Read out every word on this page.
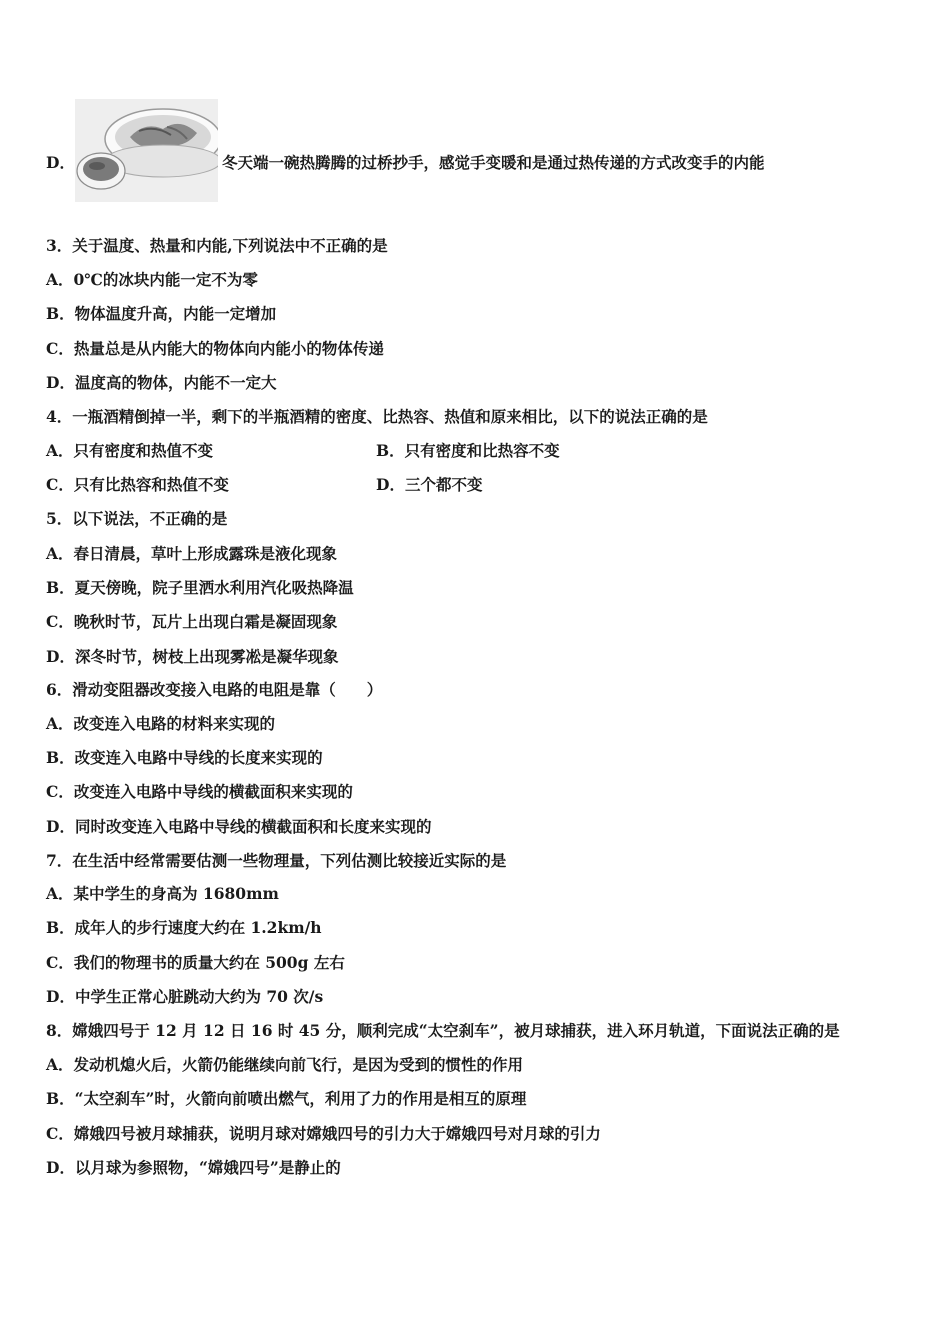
D．	冬天端一碗热腾腾的过桥抄手，感觉手变暖和是通过热传递的方式改变手的内能
3．关于温度、热量和内能,下列说法中不正确的是
A．0℃的冰块内能一定不为零
B．物体温度升高，内能一定增加
C．热量总是从内能大的物体向内能小的物体传递
D．温度高的物体，内能不一定大
4．一瓶酒精倒掉一半，剩下的半瓶酒精的密度、比热容、热值和原来相比，以下的说法正确的是
A．只有密度和热值不变	B．只有密度和比热容不变
C．只有比热容和热值不变	D．三个都不变
5．以下说法，不正确的是
A．春日清晨，草叶上形成露珠是液化现象
B．夏天傍晚，院子里洒水利用汽化吸热降温
C．晚秋时节，瓦片上出现白霜是凝固现象
D．深冬时节，树枝上出现雾凇是凝华现象
6．滑动变阻器改变接入电路的电阻是靠（　　）
A．改变连入电路的材料来实现的
B．改变连入电路中导线的长度来实现的
C．改变连入电路中导线的横截面积来实现的
D．同时改变连入电路中导线的横截面积和长度来实现的
7．在生活中经常需要估测一些物理量，下列估测比较接近实际的是
A．某中学生的身高为 1680mm
B．成年人的步行速度大约在 1.2km/h
C．我们的物理书的质量大约在 500g 左右
D．中学生正常心脏跳动大约为 70 次/s
8．嫦娥四号于 12 月 12 日 16 时 45 分，顺利完成“太空刹车”，被月球捕获，进入环月轨道，下面说法正确的是
A．发动机熄火后，火箭仍能继续向前飞行，是因为受到的惯性的作用
B．“太空刹车”时，火箭向前喷出燃气，利用了力的作用是相互的原理
C．嫦娥四号被月球捕获，说明月球对嫦娥四号的引力大于嫦娥四号对月球的引力
D．以月球为参照物，“嫦娥四号”是静止的
